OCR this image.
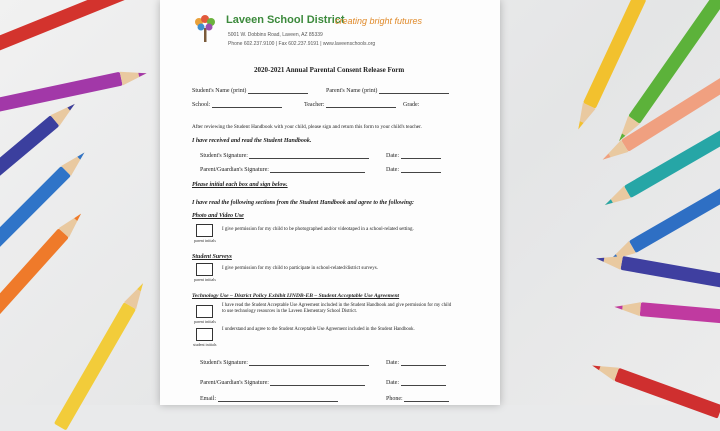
Laveen School District
creating bright futures
5001 W. Dobbins Road, Laveen, AZ 85339
Phone 602.237.9100 | Fax 602.237.9191 | www.laveenschools.org
2020-2021 Annual Parental Consent Release Form
Student's Name (print)	Parent's Name (print)
School:	Teacher:	Grade:
After reviewing the Student Handbook with your child, please sign and return this form to your child's teacher.
I have received and read the Student Handbook.
Student's Signature:	Date:
Parent/Guardian's Signature:	Date:
Please initial each box and sign below.
I have read the following sections from the Student Handbook and agree to the following:
Photo and Video Use
parent initials
I give permission for my child to be photographed and/or videotaped in a school-related setting.
Student Surveys
parent initials
I give permission for my child to participate in school-related/district surveys.
Technology Use – District Policy Exhibit IJNDB-EB – Student Acceptable Use Agreement
parent initials
I have read the Student Acceptable Use Agreement included in the Student Handbook and give permission for my child to use technology resources in the Laveen Elementary School District.
student initials
I understand and agree to the Student Acceptable Use Agreement included in the Student Handbook.
Student's Signature:	Date:
Parent/Guardian's Signature:	Date:
Email:	Phone:
